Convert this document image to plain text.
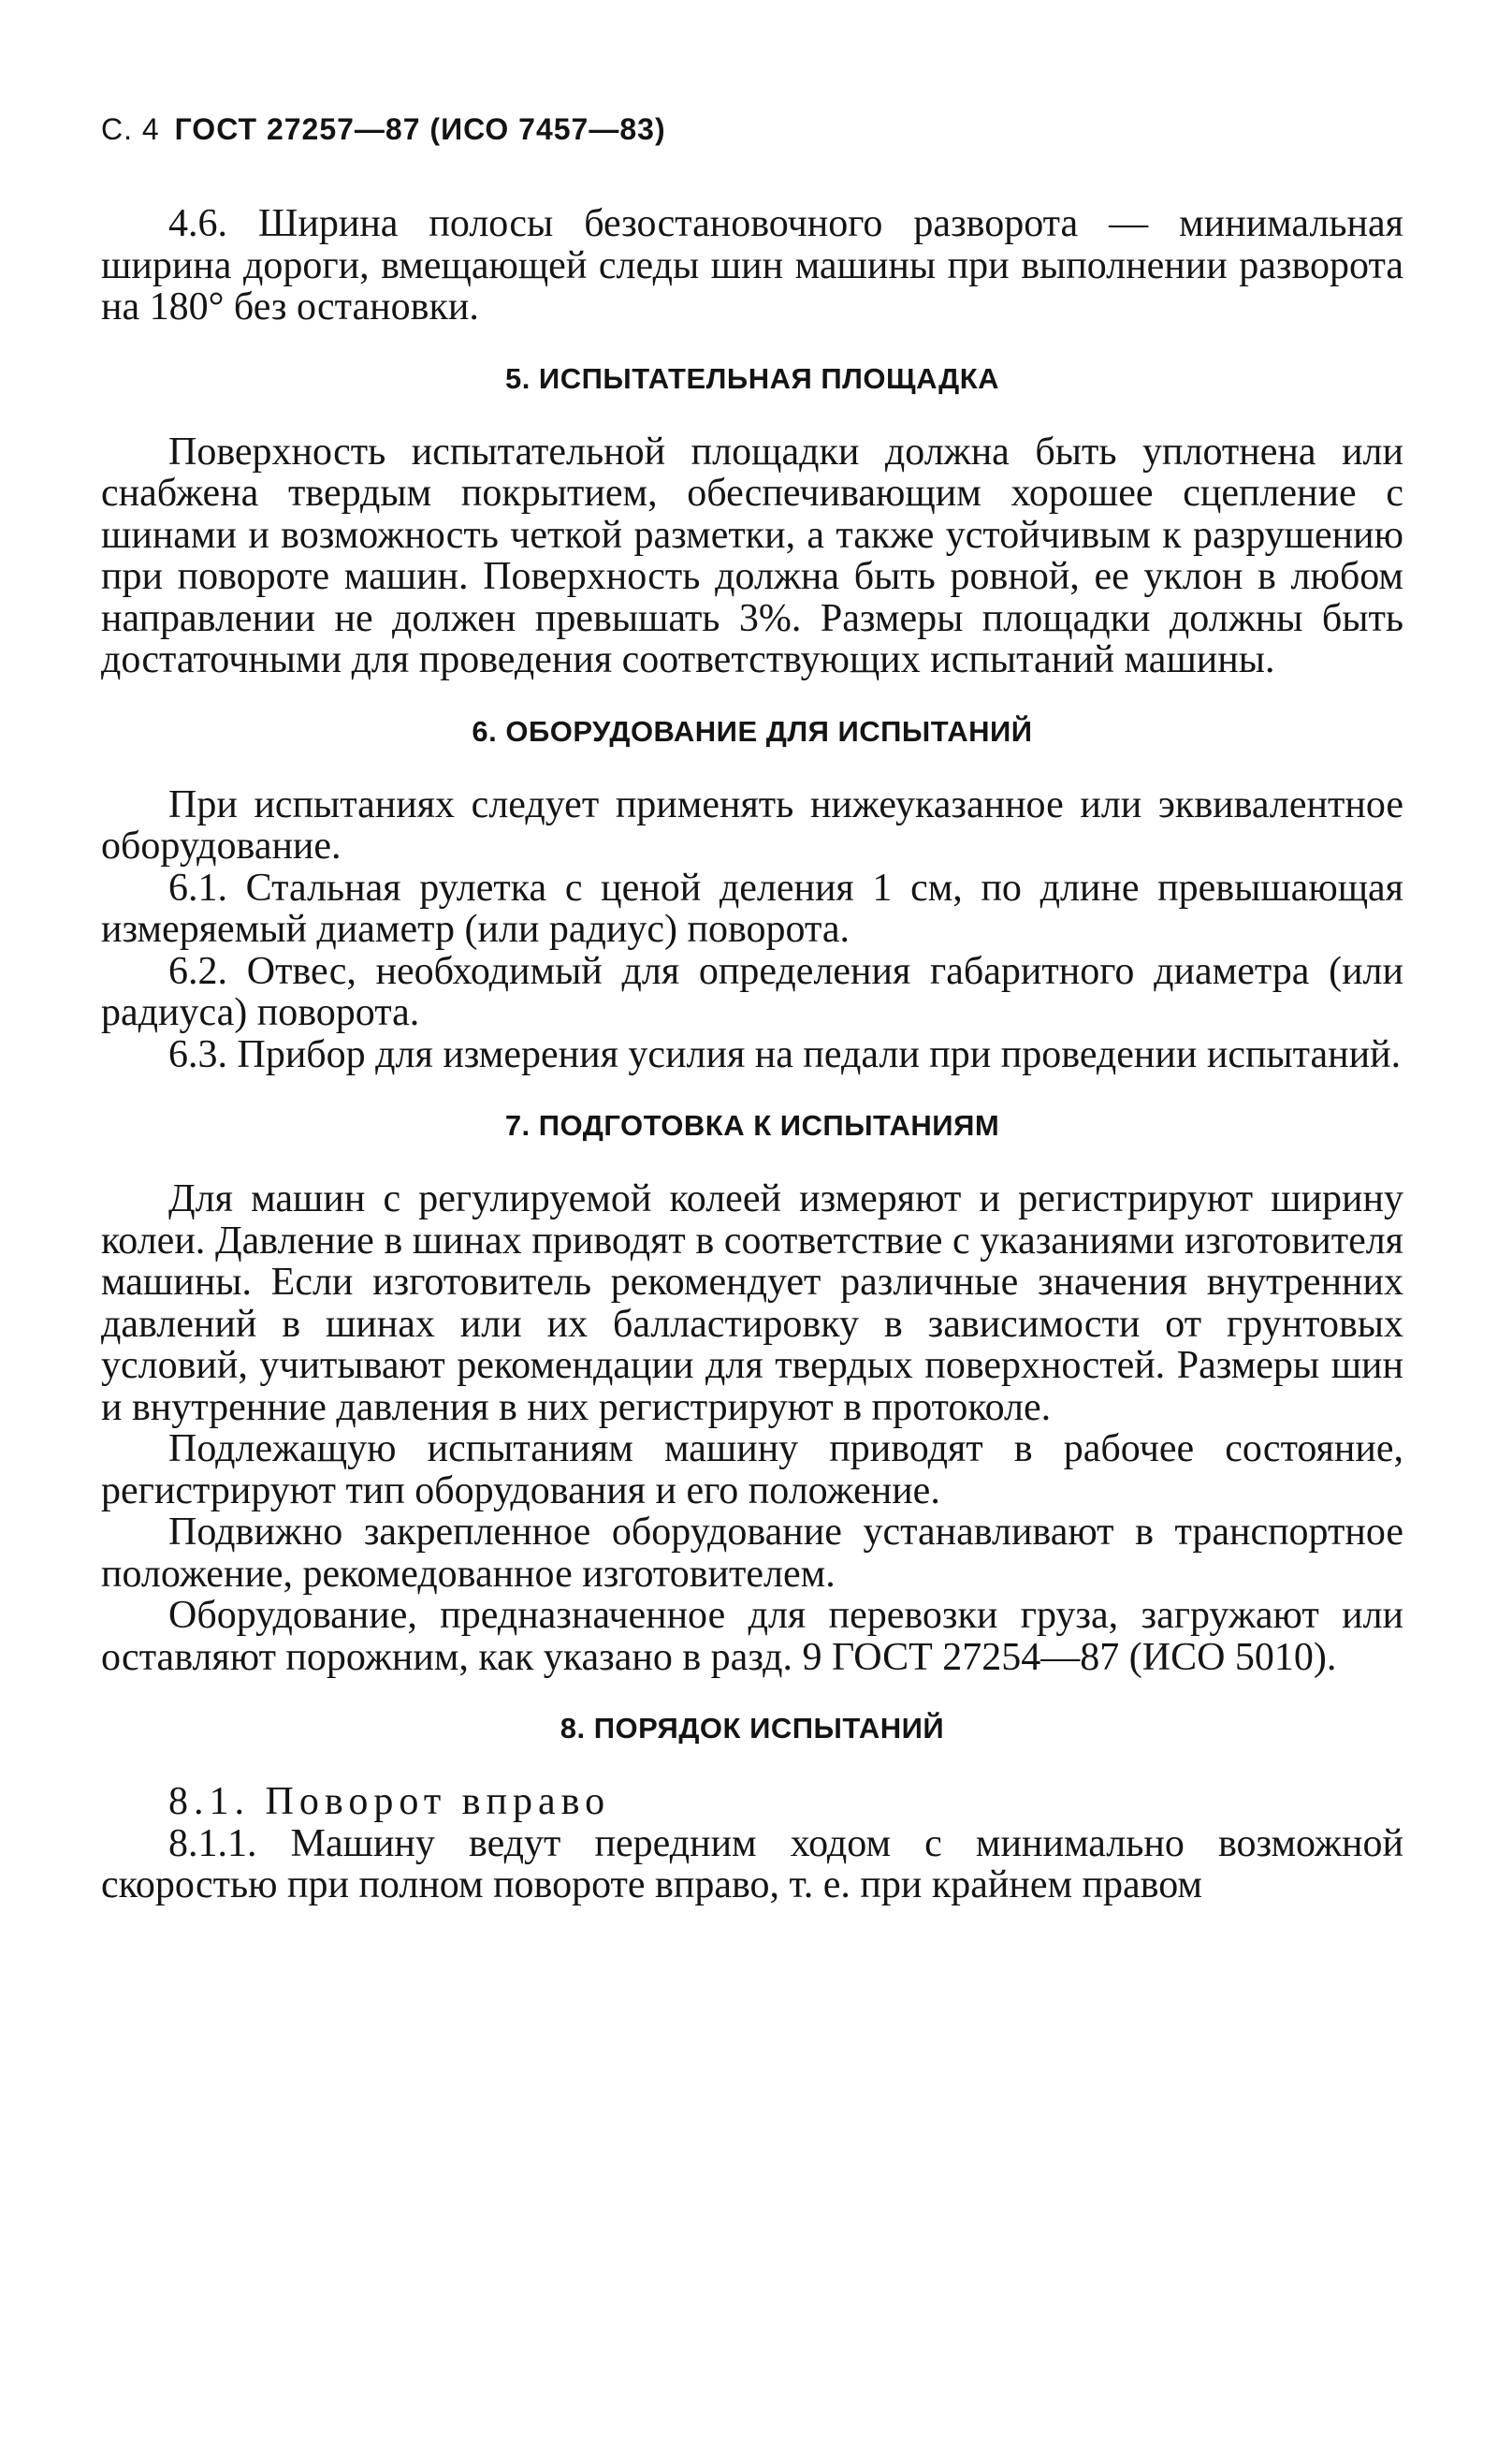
С. 4 ГОСТ 27257—87 (ИСО 7457—83)

4.6. Ширина полосы безостановочного разворота — минимальная ширина дороги, вмещающей следы шин машины при выполнении разворота на 180° без остановки.

5. ИСПЫТАТЕЛЬНАЯ ПЛОЩАДКА

Поверхность испытательной площадки должна быть уплотнена или снабжена твердым покрытием, обеспечивающим хорошее сцепление с шинами и возможность четкой разметки, а также устойчивым к разрушению при повороте машин. Поверхность должна быть ровной, ее уклон в любом направлении не должен превышать 3%. Размеры площадки должны быть достаточными для проведения соответствующих испытаний машины.

6. ОБОРУДОВАНИЕ ДЛЯ ИСПЫТАНИЙ

При испытаниях следует применять нижеуказанное или эквивалентное оборудование.

6.1. Стальная рулетка с ценой деления 1 см, по длине превышающая измеряемый диаметр (или радиус) поворота.

6.2. Отвес, необходимый для определения габаритного диаметра (или радиуса) поворота.

6.3. Прибор для измерения усилия на педали при проведении испытаний.

7. ПОДГОТОВКА К ИСПЫТАНИЯМ

Для машин с регулируемой колеей измеряют и регистрируют ширину колеи. Давление в шинах приводят в соответствие с указаниями изготовителя машины. Если изготовитель рекомендует различные значения внутренних давлений в шинах или их балластировку в зависимости от грунтовых условий, учитывают рекомендации для твердых поверхностей. Размеры шин и внутренние давления в них регистрируют в протоколе.

Подлежащую испытаниям машину приводят в рабочее состояние, регистрируют тип оборудования и его положение.

Подвижно закрепленное оборудование устанавливают в транспортное положение, рекомедованное изготовителем.

Оборудование, предназначенное для перевозки груза, загружают или оставляют порожним, как указано в разд. 9 ГОСТ 27254—87 (ИСО 5010).

8. ПОРЯДОК ИСПЫТАНИЙ

8.1. Поворот вправо

8.1.1. Машину ведут передним ходом с минимально возможной скоростью при полном повороте вправо, т. е. при крайнем правом
